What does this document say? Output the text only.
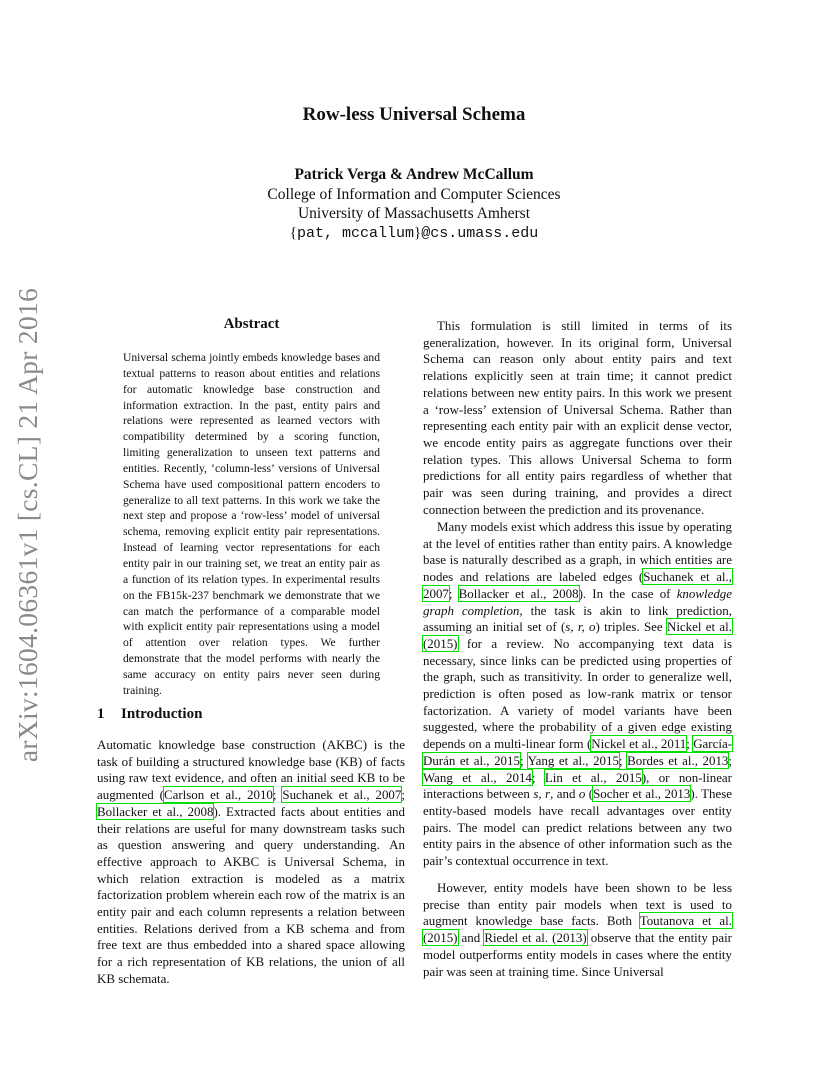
arXiv:1604.06361v1 [cs.CL] 21 Apr 2016
Row-less Universal Schema
Patrick Verga & Andrew McCallum
College of Information and Computer Sciences
University of Massachusetts Amherst
{pat, mccallum}@cs.umass.edu
Abstract

Universal schema jointly embeds knowledge bases and textual patterns to reason about entities and relations for automatic knowledge base construction and information extraction. In the past, entity pairs and relations were represented as learned vectors with compatibility determined by a scoring function, limiting generalization to unseen text patterns and entities. Recently, ‘column-less’ versions of Universal Schema have used compositional pattern encoders to generalize to all text patterns. In this work we take the next step and propose a ‘row-less’ model of universal schema, removing explicit entity pair representations. Instead of learning vector representations for each entity pair in our training set, we treat an entity pair as a function of its relation types. In experimental results on the FB15k-237 benchmark we demonstrate that we can match the performance of a comparable model with explicit entity pair representations using a model of attention over relation types. We further demonstrate that the model performs with nearly the same accuracy on entity pairs never seen during training.

1 Introduction

Automatic knowledge base construction (AKBC) is the task of building a structured knowledge base (KB) of facts using raw text evidence, and often an initial seed KB to be augmented (Carlson et al., 2010; Suchanek et al., 2007; Bollacker et al., 2008). Extracted facts about entities and their relations are useful for many downstream tasks such as question answering and query understanding. An effective approach to AKBC is Universal Schema, in which relation extraction is modeled as a matrix factorization problem wherein each row of the matrix is an entity pair and each column represents a relation between entities. Relations derived from a KB schema and from free text are thus embedded into a shared space allowing for a rich representation of KB relations, the union of all KB schemata.

This formulation is still limited in terms of its generalization, however. In its original form, Universal Schema can reason only about entity pairs and text relations explicitly seen at train time; it cannot predict relations between new entity pairs. In this work we present a ‘row-less’ extension of Universal Schema. Rather than representing each entity pair with an explicit dense vector, we encode entity pairs as aggregate functions over their relation types. This allows Universal Schema to form predictions for all entity pairs regardless of whether that pair was seen during training, and provides a direct connection between the prediction and its provenance.

Many models exist which address this issue by operating at the level of entities rather than entity pairs. A knowledge base is naturally described as a graph, in which entities are nodes and relations are labeled edges (Suchanek et al., 2007; Bollacker et al., 2008). In the case of knowledge graph completion, the task is akin to link prediction, assuming an initial set of (s, r, o) triples. See Nickel et al. (2015) for a review. No accompanying text data is necessary, since links can be predicted using properties of the graph, such as transitivity. In order to generalize well, prediction is often posed as low-rank matrix or tensor factorization. A variety of model variants have been suggested, where the probability of a given edge existing depends on a multi-linear form (Nickel et al., 2011; García-Durán et al., 2015; Yang et al., 2015; Bordes et al., 2013; Wang et al., 2014; Lin et al., 2015), or non-linear interactions between s, r, and o (Socher et al., 2013). These entity-based models have recall advantages over entity pairs. The model can predict relations between any two entity pairs in the absence of other information such as the pair’s contextual occurrence in text.

However, entity models have been shown to be less precise than entity pair models when text is used to augment knowledge base facts. Both Toutanova et al. (2015) and Riedel et al. (2013) observe that the entity pair model outperforms entity models in cases where the entity pair was seen at training time. Since Universal
